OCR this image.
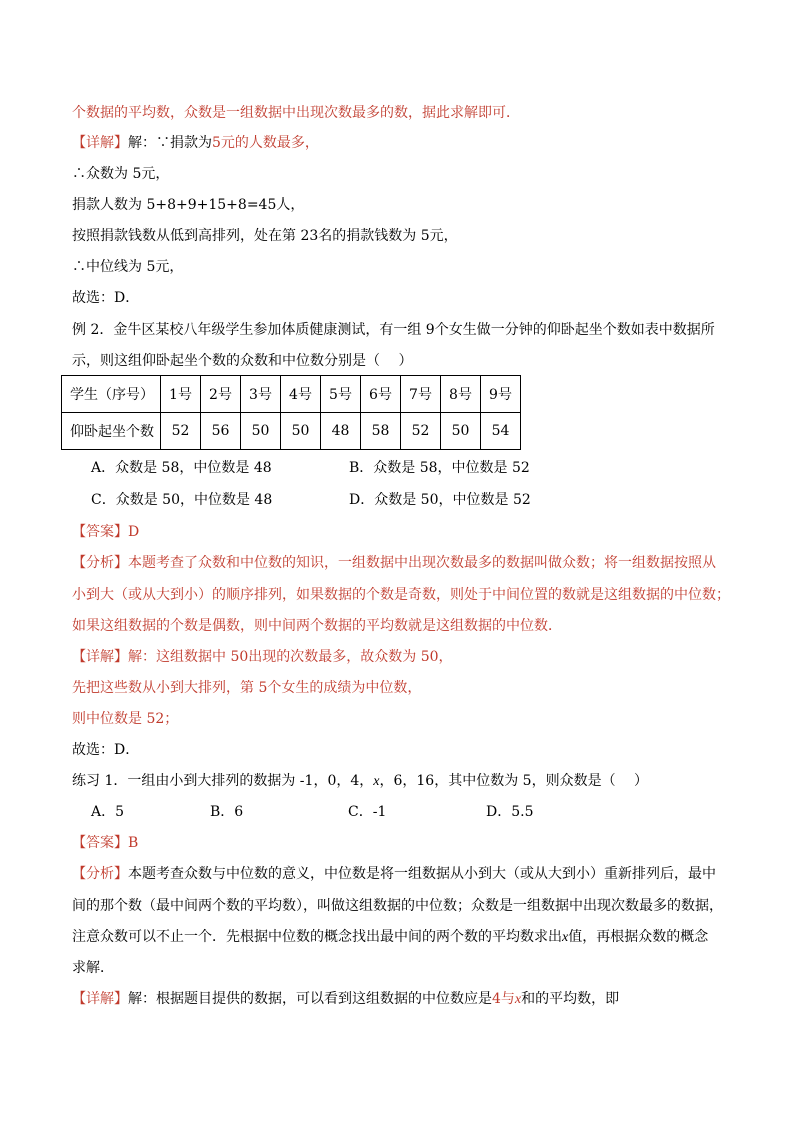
个数据的平均数，众数是一组数据中出现次数最多的数，据此求解即可．
【详解】解：∵捐款为5元的人数最多，
∴众数为 5元，
捐款人数为 5+8+9+15+8=45人，
按照捐款钱数从低到高排列，处在第 23名的捐款钱数为 5元，
∴中位线为 5元，
故选：D．
例 2．金牛区某校八年级学生参加体质健康测试，有一组 9个女生做一分钟的仰卧起坐个数如表中数据所
示，则这组仰卧起坐个数的众数和中位数分别是（　 ）
学生（序号）	1号	2号	3号	4号	5号	6号	7号	8号	9号
仰卧起坐个数	52	56	50	50	48	58	52	50	54
A．众数是 58，中位数是 48	B．众数是 58，中位数是 52
C．众数是 50，中位数是 48	D．众数是 50，中位数是 52
【答案】D
【分析】本题考查了众数和中位数的知识，一组数据中出现次数最多的数据叫做众数；将一组数据按照从
小到大（或从大到小）的顺序排列，如果数据的个数是奇数，则处于中间位置的数就是这组数据的中位数；
如果这组数据的个数是偶数，则中间两个数据的平均数就是这组数据的中位数．
【详解】解：这组数据中 50出现的次数最多，故众数为 50，
先把这些数从小到大排列，第 5个女生的成绩为中位数，
则中位数是 52；
故选：D．
练习 1．一组由小到大排列的数据为 -1，0，4，x，6，16，其中位数为 5，则众数是（　 ）
A．5	B．6	C．-1	D．5.5
【答案】B
【分析】本题考查众数与中位数的意义，中位数是将一组数据从小到大（或从大到小）重新排列后，最中
间的那个数（最中间两个数的平均数），叫做这组数据的中位数；众数是一组数据中出现次数最多的数据，
注意众数可以不止一个．先根据中位数的概念找出最中间的两个数的平均数求出x值，再根据众数的概念
求解．
【详解】解：根据题目提供的数据，可以看到这组数据的中位数应是4与x和的平均数，即
